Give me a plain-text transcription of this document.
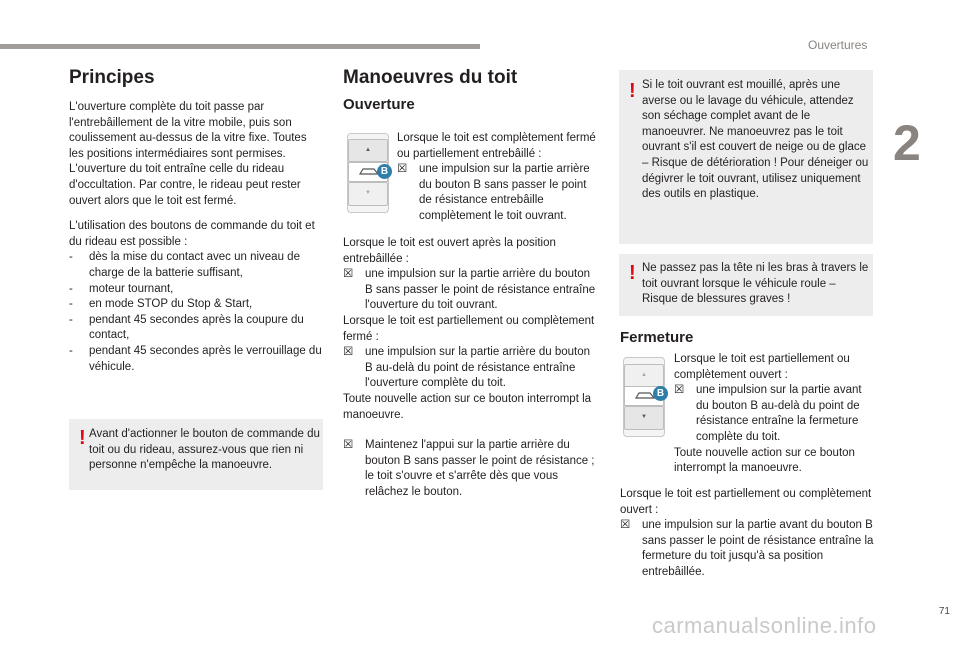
Ouvertures
2
Principes

L'ouverture complète du toit passe par l'entrebâillement de la vitre mobile, puis son coulissement au-dessus de la vitre fixe. Toutes les positions intermédiaires sont permises.

L'ouverture du toit entraîne celle du rideau d'occultation. Par contre, le rideau peut rester ouvert alors que le toit est fermé.

L'utilisation des boutons de commande du toit et du rideau est possible :

- dès la mise du contact avec un niveau de charge de la batterie suffisant,
- moteur tournant,
- en mode STOP du Stop & Start,
- pendant 45 secondes après la coupure du contact,
- pendant 45 secondes après le verrouillage du véhicule.
! Avant d'actionner le bouton de commande du toit ou du rideau, assurez-vous que rien ni personne n'empêche la manoeuvre.

Manoeuvres du toit
Ouverture
▲
B
▼

Lorsque le toit est complètement fermé ou partiellement entrebâillé :

☒ une impulsion sur la partie arrière du bouton B sans passer le point de résistance entrebâille complètement le toit ouvrant.

Lorsque le toit est ouvert après la position entrebâillée :

☒ une impulsion sur la partie arrière du bouton B sans passer le point de résistance entraîne l'ouverture du toit ouvrant.

Lorsque le toit est partiellement ou complètement fermé :

☒ une impulsion sur la partie arrière du bouton B au-delà du point de résistance entraîne l'ouverture complète du toit.

Toute nouvelle action sur ce bouton interrompt la manoeuvre.

☒ Maintenez l'appui sur la partie arrière du bouton B sans passer le point de résistance ; le toit s'ouvre et s'arrête dès que vous relâchez le bouton.
! Si le toit ouvrant est mouillé, après une averse ou le lavage du véhicule, attendez son séchage complet avant de le manoeuvrer. Ne manoeuvrez pas le toit ouvrant s'il est couvert de neige ou de glace – Risque de détérioration ! Pour déneiger ou dégivrer le toit ouvrant, utilisez uniquement des outils en plastique.

! Ne passez pas la tête ni les bras à travers le toit ouvrant lorsque le véhicule roule – Risque de blessures graves !

Fermeture
▲
B
▼

Lorsque le toit est partiellement ou complètement ouvert :

☒ une impulsion sur la partie avant du bouton B au-delà du point de résistance entraîne la fermeture complète du toit.

Toute nouvelle action sur ce bouton interrompt la manoeuvre.

Lorsque le toit est partiellement ou complètement ouvert :

☒ une impulsion sur la partie avant du bouton B sans passer le point de résistance entraîne la fermeture du toit jusqu'à sa position entrebâillée.
71
carmanualsonline.info
